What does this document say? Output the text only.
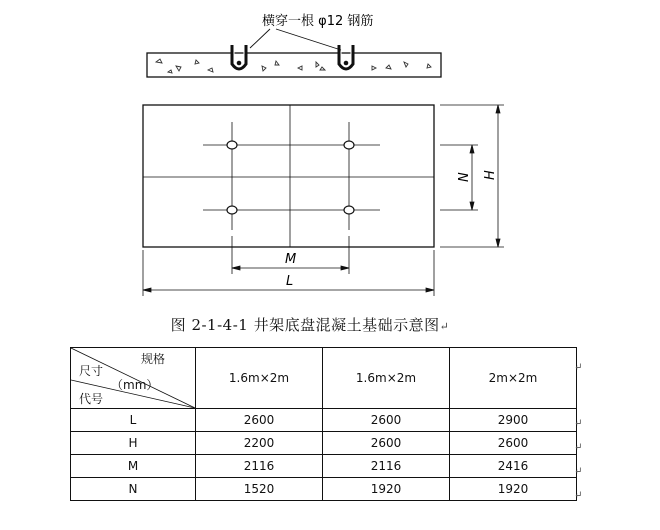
横穿一根 φ12 钢筋
M
L
N H
图 2-1-4-1 井架底盘混凝土基础示意图↵
规格
尺寸
（mm）
代号	1.6m×2m	1.6m×2m	2m×2m
L	2600	2600	2900
H	2200	2600	2600
M	2116	2116	2416
N	1520	1920	1920
↵
↵
↵
↵
↵
